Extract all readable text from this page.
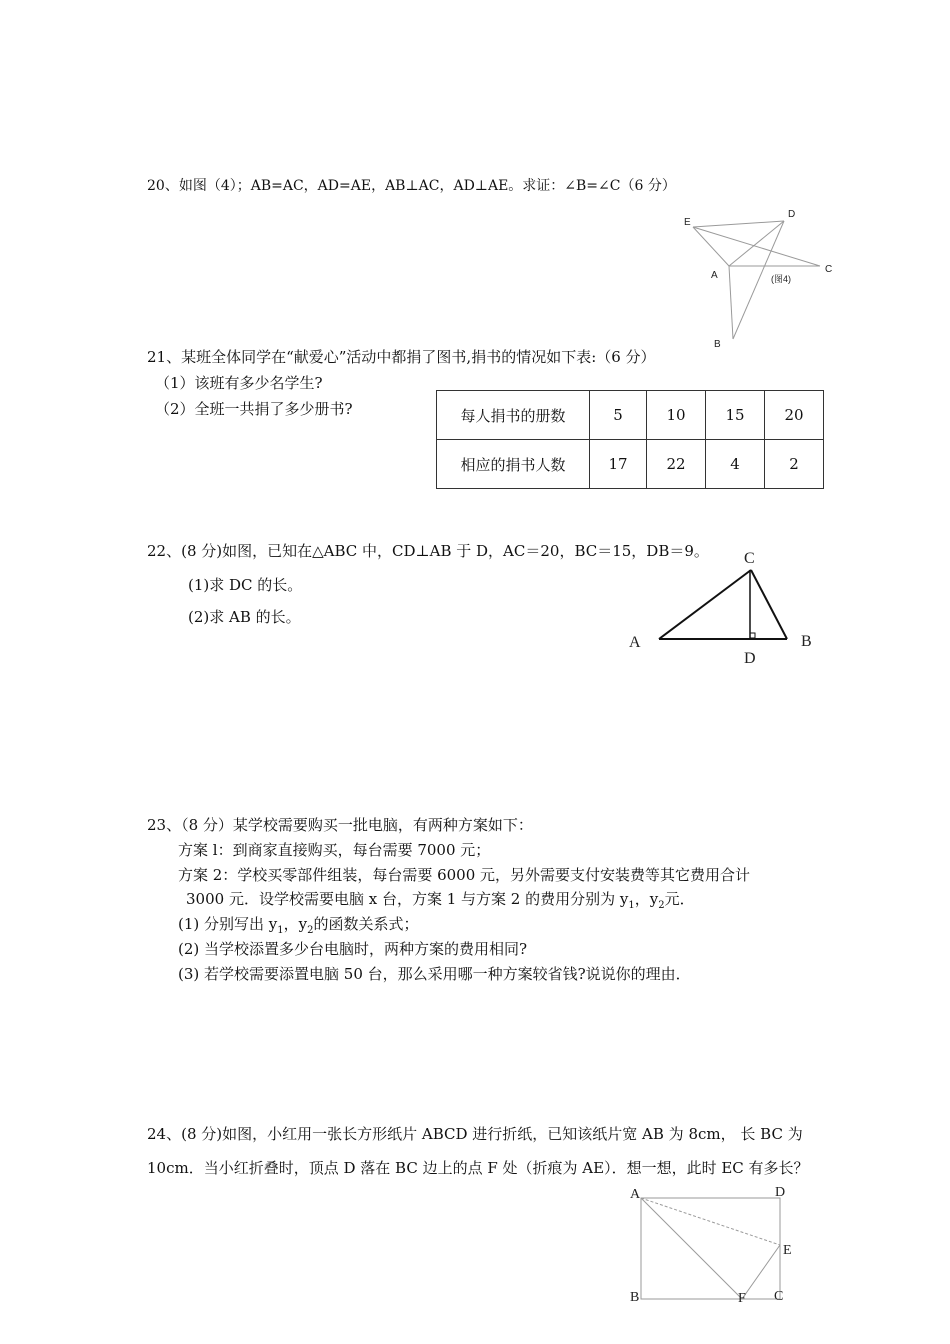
20、如图（4）；AB=AC，AD=AE，AB⊥AC，AD⊥AE。求证：∠B=∠C（6 分）
E
D
A
C
B
(图4)
21、某班全体同学在“献爱心”活动中都捐了图书,捐书的情况如下表:（6 分）
（1）该班有多少名学生?
（2）全班一共捐了多少册书?	每人捐书的册数	5	10	15	20
相应的捐书人数	17	22	4	2
22、(8 分)如图，已知在△ABC 中，CD⊥AB 于 D，AC＝20，BC＝15，DB＝9。
(1)求 DC 的长。
(2)求 AB 的长。
A	B
C
D
23、（8 分）某学校需要购买一批电脑，有两种方案如下：
方案 l：到商家直接购买，每台需要 7000 元；
方案 2：学校买零部件组装，每台需要 6000 元，另外需要支付安装费等其它费用合计
3000 元．设学校需要电脑 x 台，方案 1 与方案 2 的费用分别为 $y_1$，$y_2$元．
(1) 分别写出 $y_1$，$y_2$的函数关系式；
(2) 当学校添置多少台电脑时，两种方案的费用相同?
(3) 若学校需要添置电脑 50 台，那么采用哪一种方案较省钱?说说你的理由．
24、(8 分)如图，小红用一张长方形纸片 ABCD 进行折纸，已知该纸片宽 AB 为 8cm， 长 BC 为
10cm．当小红折叠时，顶点 D 落在 BC 边上的点 F 处（折痕为 AE）．想一想，此时 EC 有多长？
A	D
E
B	F C
